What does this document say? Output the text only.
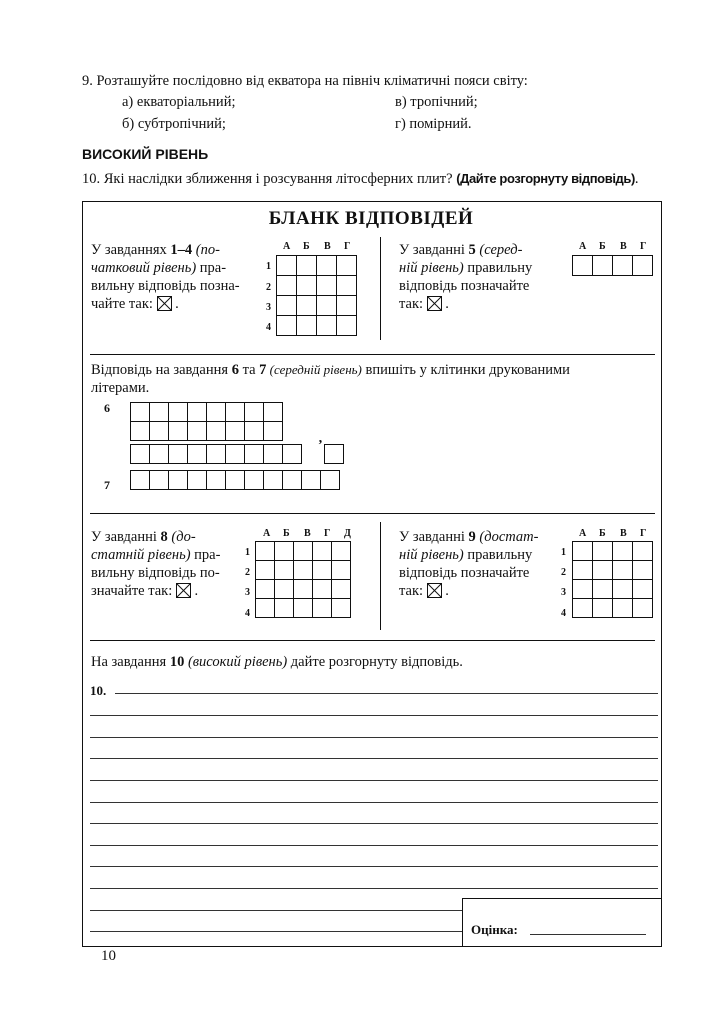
9. Розташуйте послідовно від екватора на північ кліматичні пояси світу:
а) екваторіальний;	в) тропічний;
б) субтропічний;	г) помірний.
ВИСОКИЙ РІВЕНЬ
10. Які наслідки зближення і розсування літосферних плит? (Дайте розгорнуту відповідь).
БЛАНК ВІДПОВІДЕЙ
У завданнях 1–4 (по-
чатковий рівень) пра-
вильну відповідь позна-
чайте так: .
А Б В Г
1
2
3
4

У завданні 5 (серед-
ній рівень) правильну
відповідь позначайте
так: .
А Б В Г

Відповідь на завдання 6 та 7 (середній рівень) впишіть у клітинки друкованими
літерами.
6
7

’

У завданні 8 (до-
статній рівень) пра-
вильну відповідь по-
значайте так: .
А Б В Г Д
1
2
3
4

У завданні 9 (достат-
ній рівень) правильну
відповідь позначайте
так: .
А Б В Г
1
2
3
4

На завдання 10 (високий рівень) дайте розгорнуту відповідь.
10.
Оцінка:
10
